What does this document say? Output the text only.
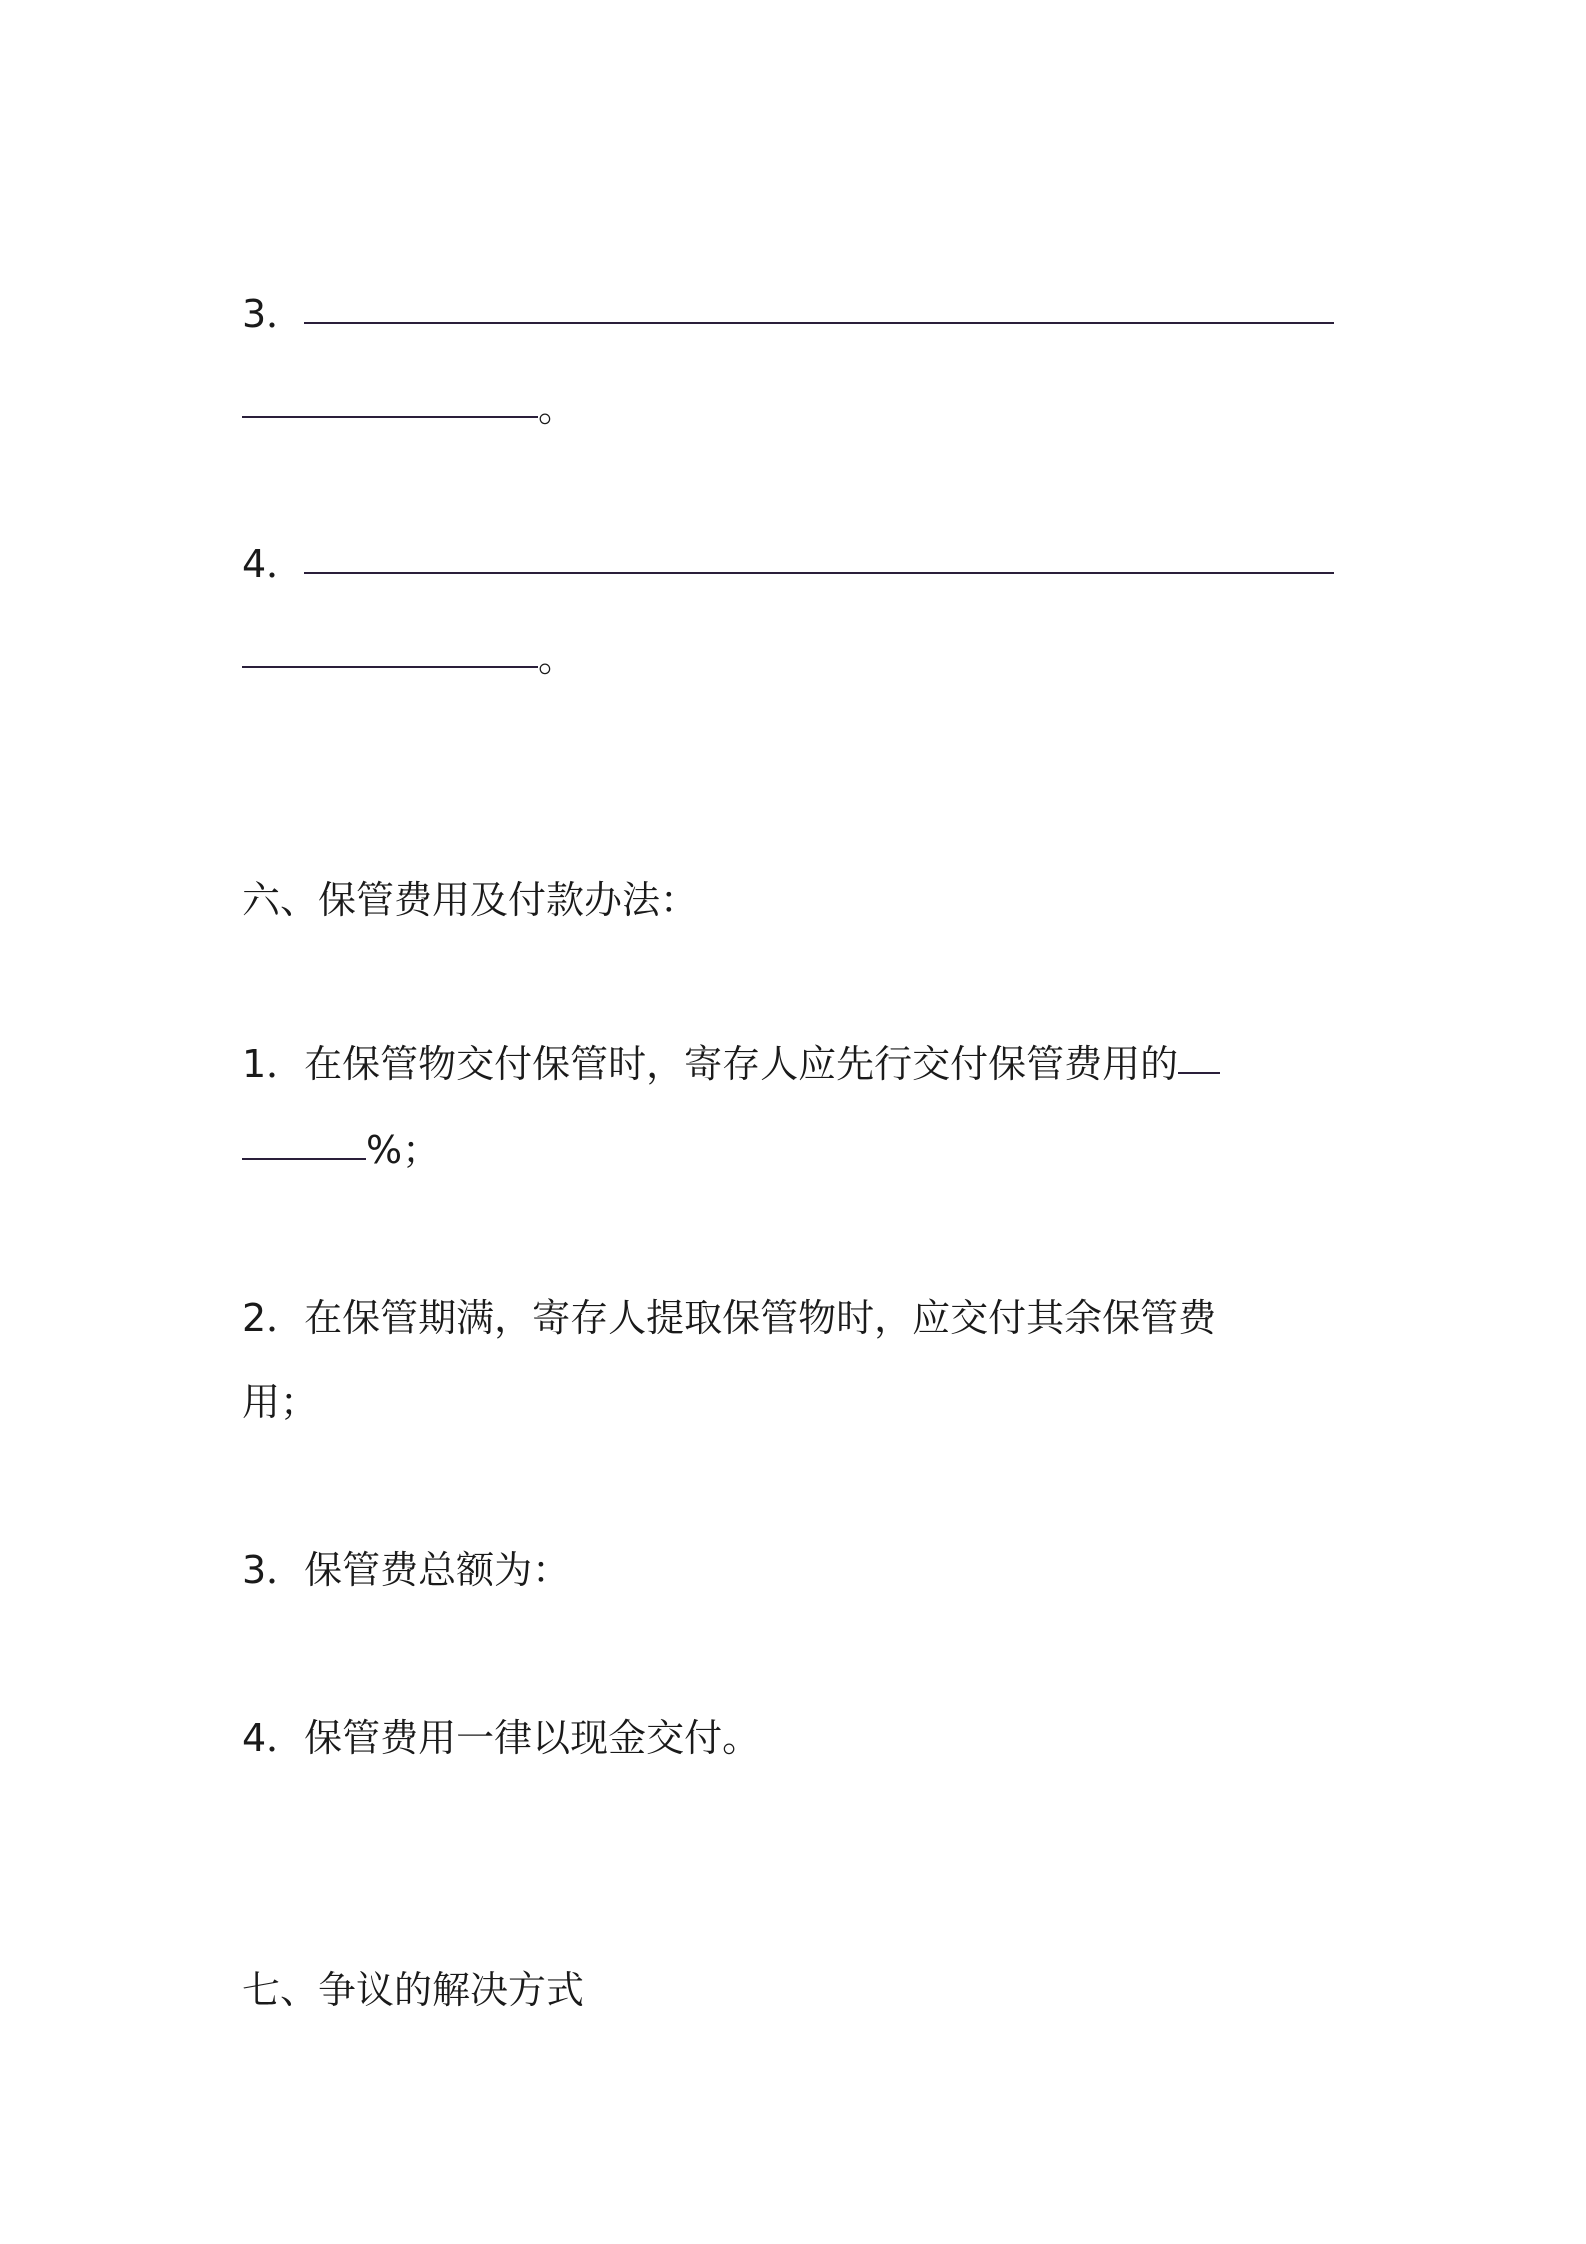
3．
。
4．
。
六、保管费用及付款办法：
1．在保管物交付保管时，寄存人应先行交付保管费用的
%；
2．在保管期满，寄存人提取保管物时，应交付其余保管费
用；
3．保管费总额为：
4．保管费用一律以现金交付。
七、争议的解决方式
